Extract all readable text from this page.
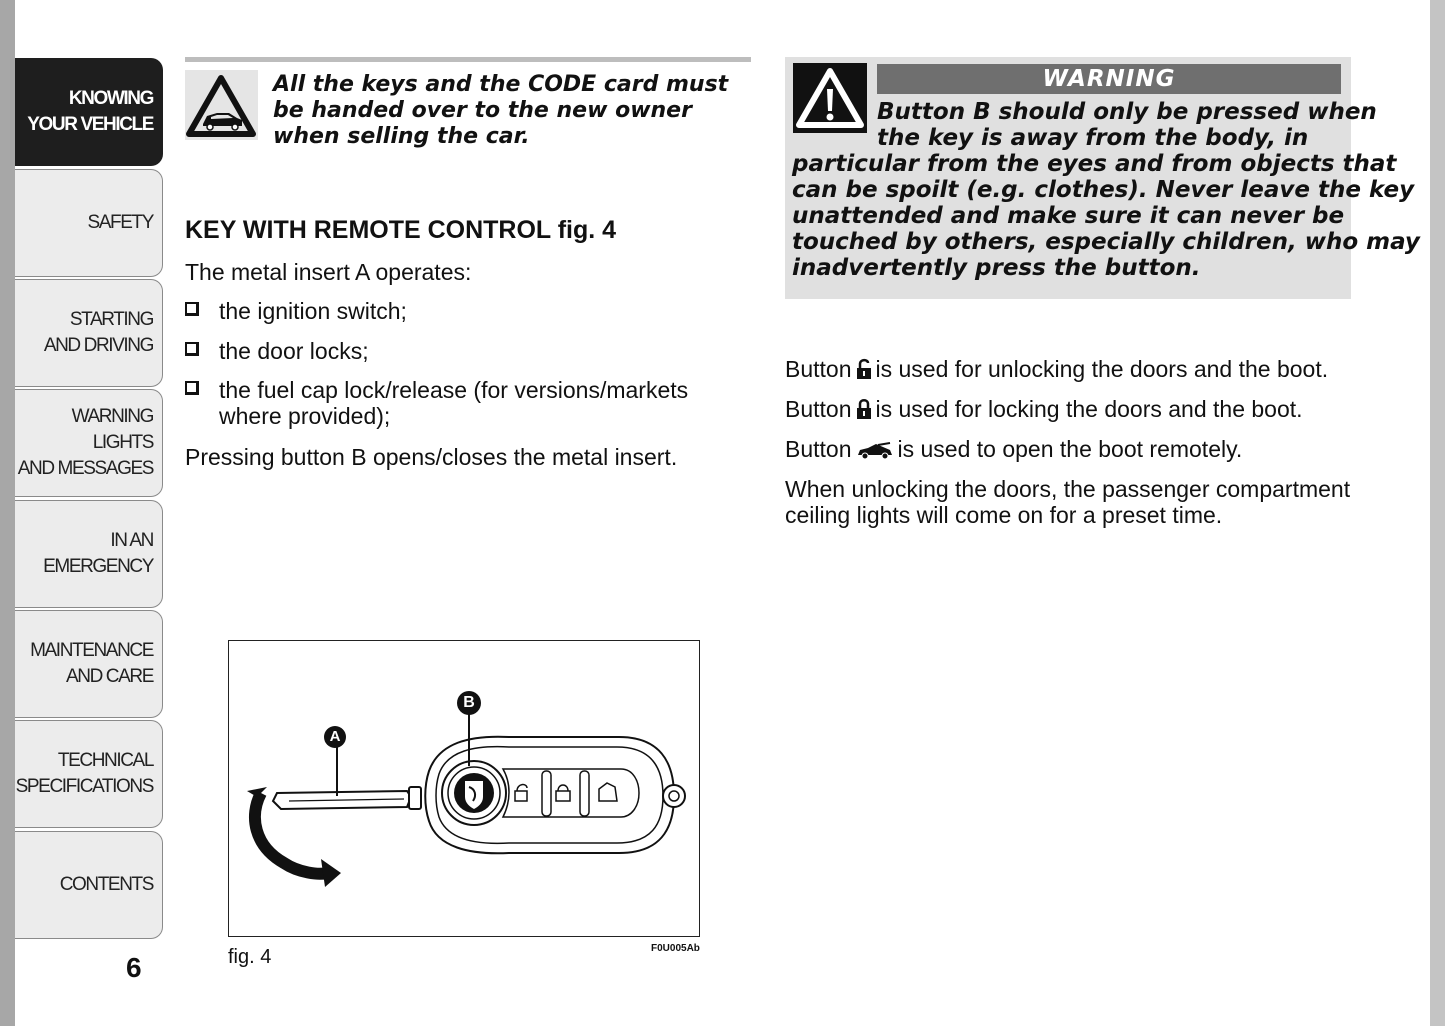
KNOWING
YOUR VEHICLE
SAFETY
STARTING
AND DRIVING
WARNING LIGHTS
AND MESSAGES
IN AN
EMERGENCY
MAINTENANCE
AND CARE
TECHNICAL
SPECIFICATIONS
CONTENTS
6
All the keys and the CODE card must be handed over to the new owner when selling the car.
KEY WITH REMOTE CONTROL fig. 4
The metal insert A operates:
the ignition switch;
the door locks;
the fuel cap lock/release (for versions/markets where provided);
Pressing button B opens/closes the metal insert.
A
B
fig. 4	F0U005Ab
WARNING
Button B should only be pressed when
the key is away from the body, in
particular from the eyes and from objects that
can be spoilt (e.g. clothes). Never leave the key
unattended and make sure it can never be
touched by others, especially children, who may
inadvertently press the button.
Button is used for unlocking the doors and the boot.
Button is used for locking the doors and the boot.
Button is used to open the boot remotely.
When unlocking the doors, the passenger compartment ceiling lights will come on for a preset time.
